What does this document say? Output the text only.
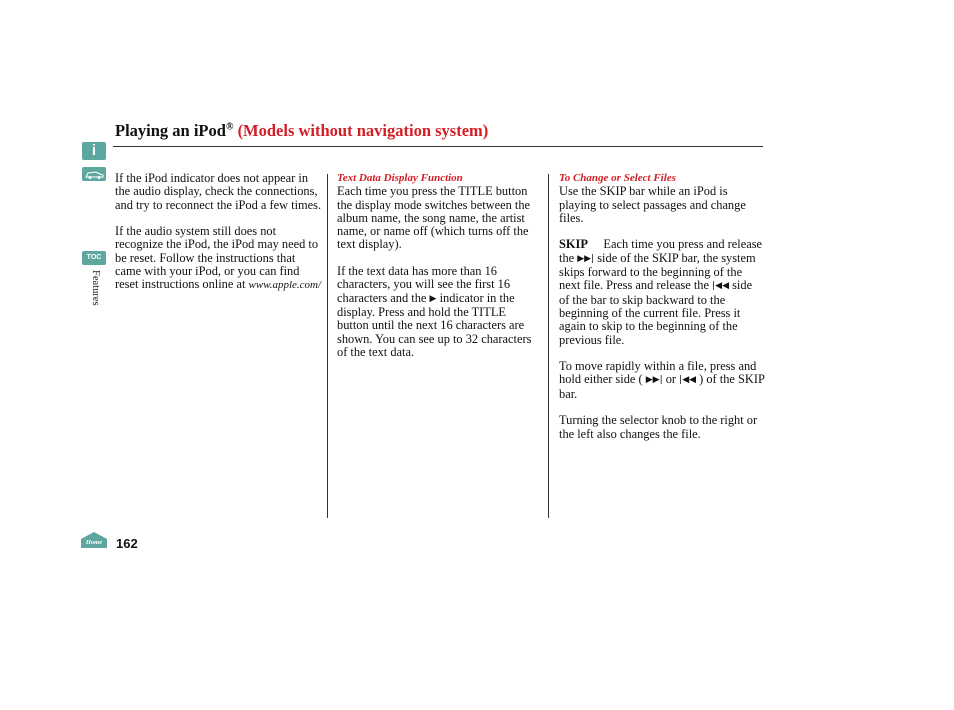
i
TOC
Features
Playing an iPod® (Models without navigation system)

If the iPod indicator does not appear in the audio display, check the connections, and try to reconnect the iPod a few times.

If the audio system still does not recognize the iPod, the iPod may need to be reset. Follow the instructions that came with your iPod, or you can find reset instructions online at www.apple.com/

Text Data Display Function

Each time you press the TITLE button the display mode switches between the album name, the song name, the artist name, or name off (which turns off the text display).

If the text data has more than 16 characters, you will see the first 16 characters and the ▶ indicator in the display. Press and hold the TITLE button until the next 16 characters are shown. You can see up to 32 characters of the text data.

To Change or Select Files

Use the SKIP bar while an iPod is playing to select passages and change files.

SKIP Each time you press and release the ▶▶| side of the SKIP bar, the system skips forward to the beginning of the next file. Press and release the |◀◀ side of the bar to skip backward to the beginning of the current file. Press it again to skip to the beginning of the previous file.

To move rapidly within a file, press and hold either side ( ▶▶| or |◀◀ ) of the SKIP bar.

Turning the selector knob to the right or the left also changes the file.

Home 162
